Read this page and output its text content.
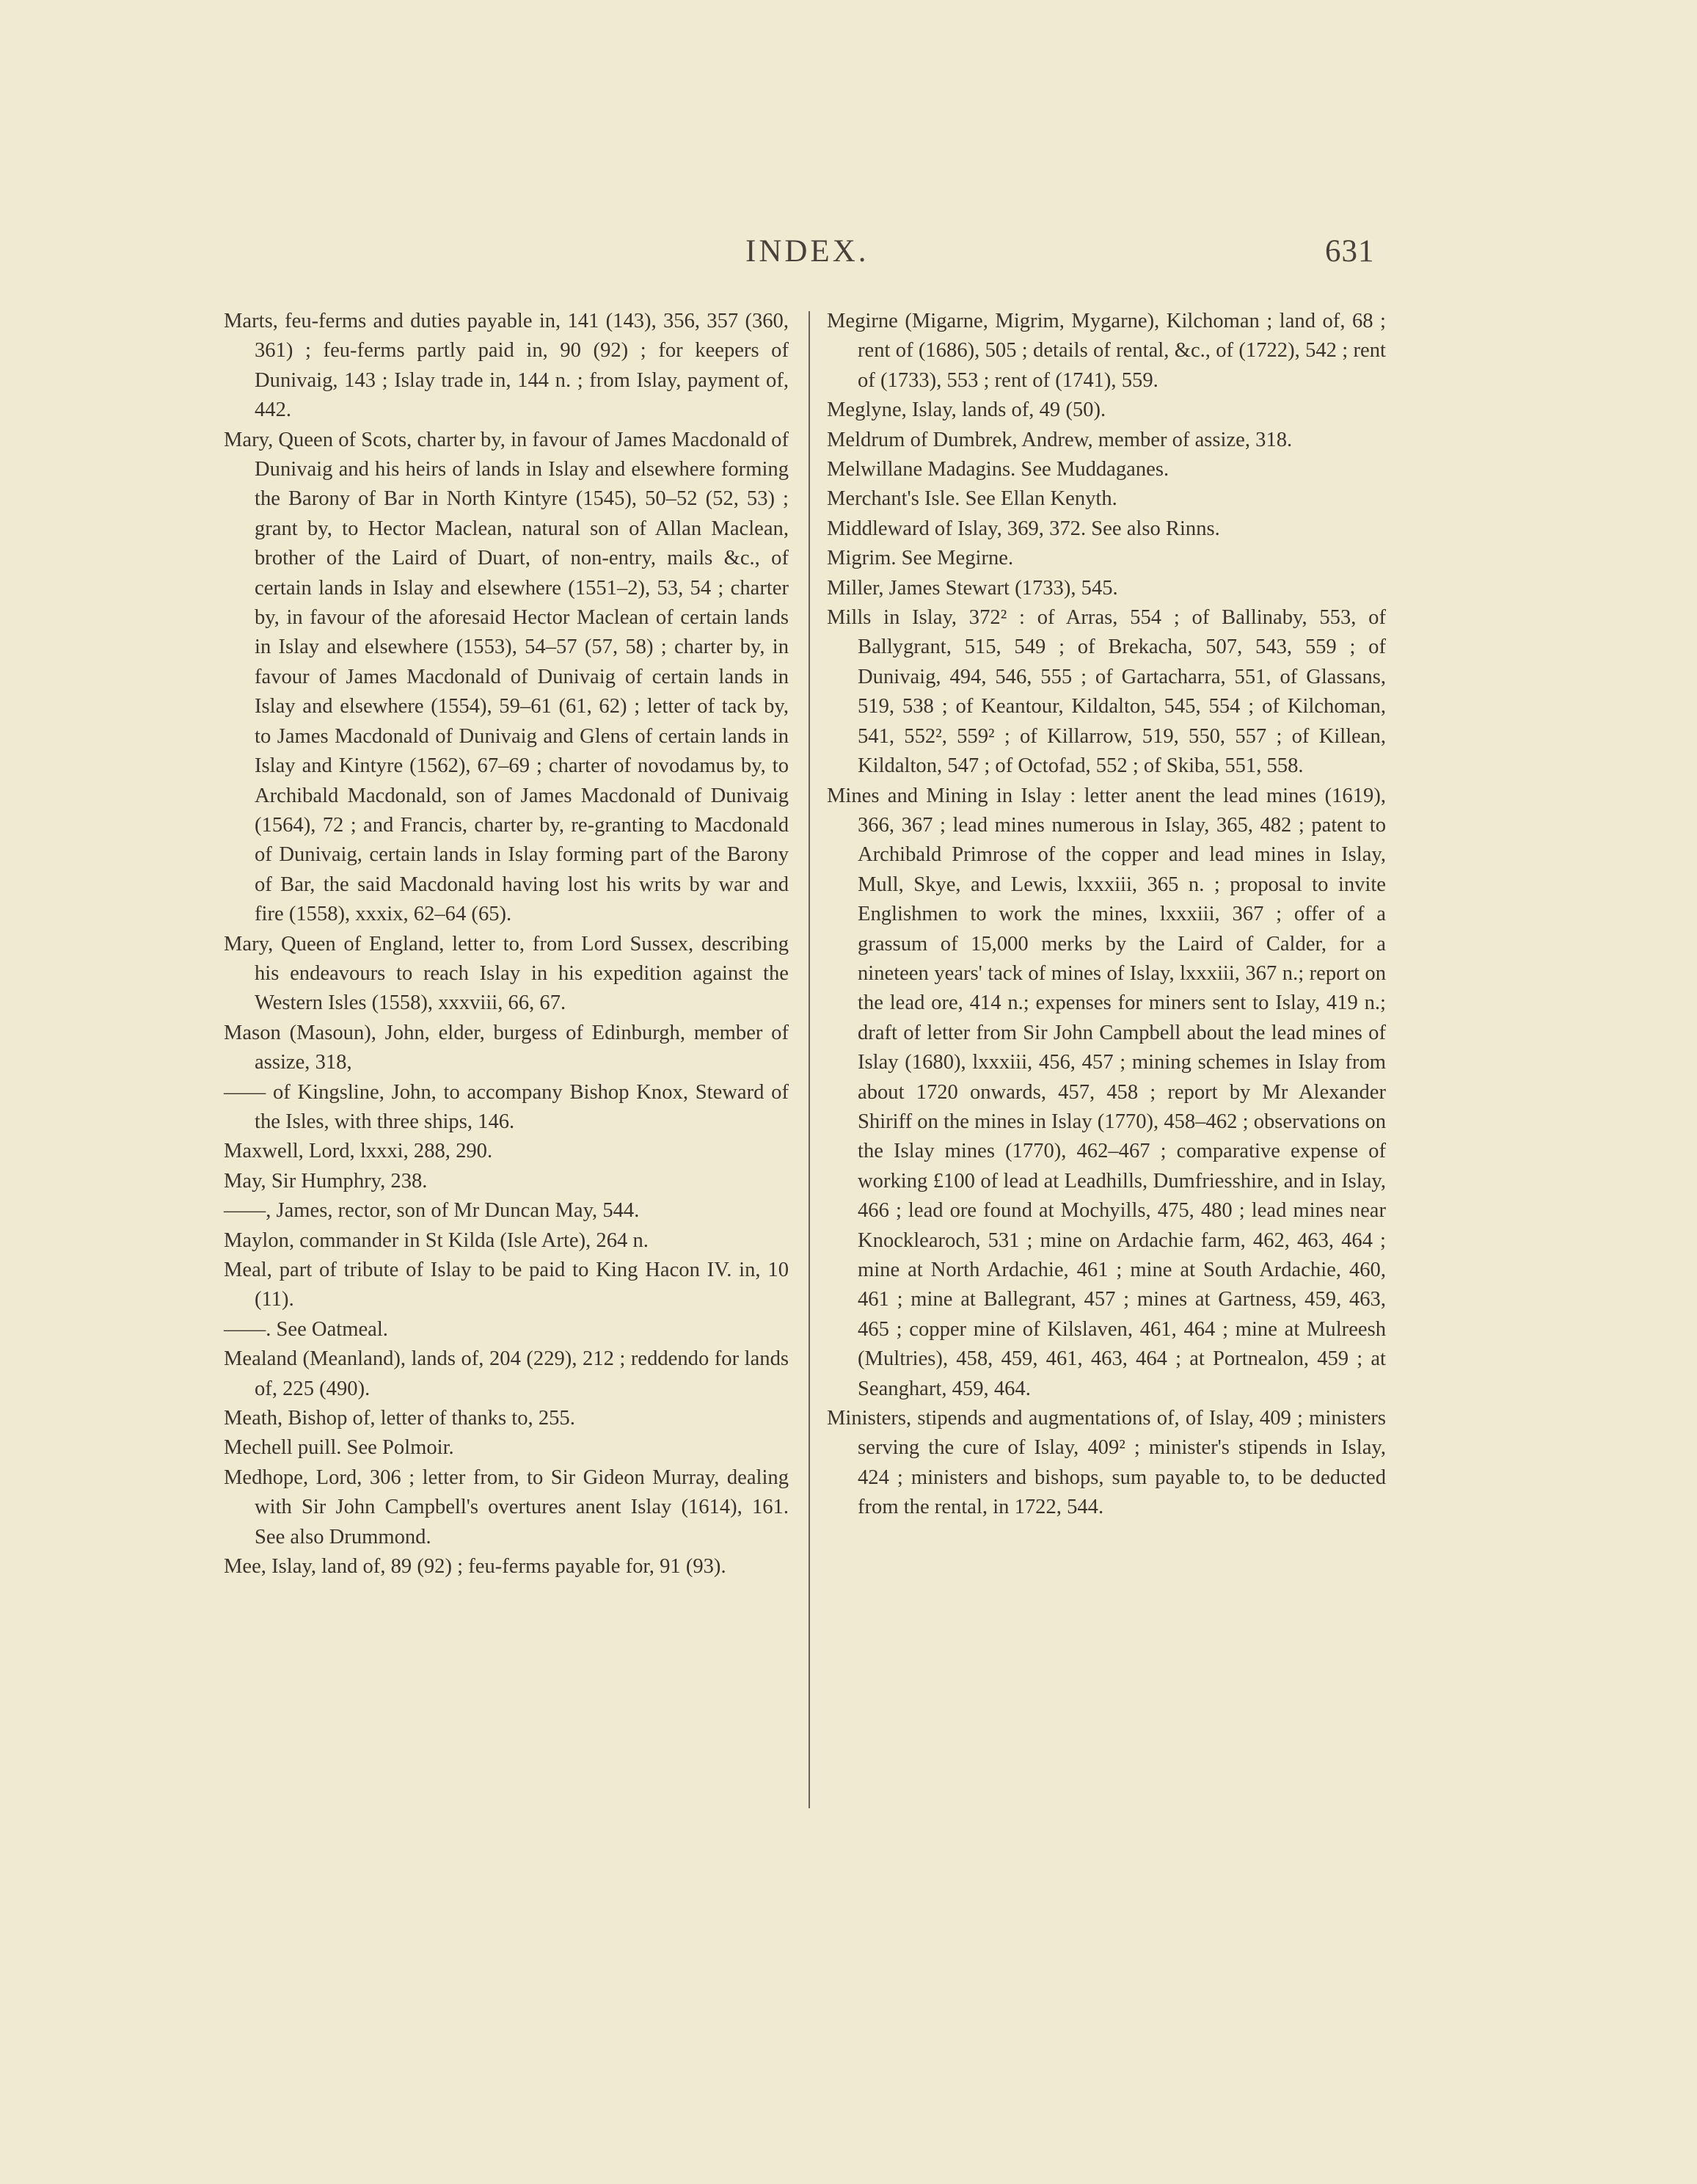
INDEX.	631
Marts, feu-ferms and duties payable in, 141 (143), 356, 357 (360, 361) ; feu-ferms partly paid in, 90 (92) ; for keepers of Dunivaig, 143 ; Islay trade in, 144 n. ; from Islay, payment of, 442.
Mary, Queen of Scots, charter by, in favour of James Macdonald of Dunivaig and his heirs of lands in Islay and elsewhere forming the Barony of Bar in North Kintyre (1545), 50–52 (52, 53) ; grant by, to Hector Maclean, natural son of Allan Maclean, brother of the Laird of Duart, of non-entry, mails &c., of certain lands in Islay and elsewhere (1551–2), 53, 54 ; charter by, in favour of the aforesaid Hector Maclean of certain lands in Islay and elsewhere (1553), 54–57 (57, 58) ; charter by, in favour of James Macdonald of Dunivaig of certain lands in Islay and elsewhere (1554), 59–61 (61, 62) ; letter of tack by, to James Macdonald of Dunivaig and Glens of certain lands in Islay and Kintyre (1562), 67–69 ; charter of novodamus by, to Archibald Macdonald, son of James Macdonald of Dunivaig (1564), 72 ; and Francis, charter by, re-granting to Macdonald of Dunivaig, certain lands in Islay forming part of the Barony of Bar, the said Macdonald having lost his writs by war and fire (1558), xxxix, 62–64 (65).
Mary, Queen of England, letter to, from Lord Sussex, describing his endeavours to reach Islay in his expedition against the Western Isles (1558), xxxviii, 66, 67.
Mason (Masoun), John, elder, burgess of Edinburgh, member of assize, 318,
—— of Kingsline, John, to accompany Bishop Knox, Steward of the Isles, with three ships, 146.
Maxwell, Lord, lxxxi, 288, 290.
May, Sir Humphry, 238.
——, James, rector, son of Mr Duncan May, 544.
Maylon, commander in St Kilda (Isle Arte), 264 n.
Meal, part of tribute of Islay to be paid to King Hacon IV. in, 10 (11).
——. See Oatmeal.
Mealand (Meanland), lands of, 204 (229), 212 ; reddendo for lands of, 225 (490).
Meath, Bishop of, letter of thanks to, 255.
Mechell puill. See Polmoir.
Medhope, Lord, 306 ; letter from, to Sir Gideon Murray, dealing with Sir John Campbell's overtures anent Islay (1614), 161. See also Drummond.
Mee, Islay, land of, 89 (92) ; feu-ferms payable for, 91 (93).
Megirne (Migarne, Migrim, Mygarne), Kilchoman ; land of, 68 ; rent of (1686), 505 ; details of rental, &c., of (1722), 542 ; rent of (1733), 553 ; rent of (1741), 559.
Meglyne, Islay, lands of, 49 (50).
Meldrum of Dumbrek, Andrew, member of assize, 318.
Melwillane Madagins. See Muddaganes.
Merchant's Isle. See Ellan Kenyth.
Middleward of Islay, 369, 372. See also Rinns.
Migrim. See Megirne.
Miller, James Stewart (1733), 545.
Mills in Islay, 372² : of Arras, 554 ; of Ballinaby, 553, of Ballygrant, 515, 549 ; of Brekacha, 507, 543, 559 ; of Dunivaig, 494, 546, 555 ; of Gartacharra, 551, of Glassans, 519, 538 ; of Keantour, Kildalton, 545, 554 ; of Kilchoman, 541, 552², 559² ; of Killarrow, 519, 550, 557 ; of Killean, Kildalton, 547 ; of Octofad, 552 ; of Skiba, 551, 558.
Mines and Mining in Islay : letter anent the lead mines (1619), 366, 367 ; lead mines numerous in Islay, 365, 482 ; patent to Archibald Primrose of the copper and lead mines in Islay, Mull, Skye, and Lewis, lxxxiii, 365 n. ; proposal to invite Englishmen to work the mines, lxxxiii, 367 ; offer of a grassum of 15,000 merks by the Laird of Calder, for a nineteen years' tack of mines of Islay, lxxxiii, 367 n.; report on the lead ore, 414 n.; expenses for miners sent to Islay, 419 n.; draft of letter from Sir John Campbell about the lead mines of Islay (1680), lxxxiii, 456, 457 ; mining schemes in Islay from about 1720 onwards, 457, 458 ; report by Mr Alexander Shiriff on the mines in Islay (1770), 458–462 ; observations on the Islay mines (1770), 462–467 ; comparative expense of working £100 of lead at Leadhills, Dumfriesshire, and in Islay, 466 ; lead ore found at Mochyills, 475, 480 ; lead mines near Knocklearoch, 531 ; mine on Ardachie farm, 462, 463, 464 ; mine at North Ardachie, 461 ; mine at South Ardachie, 460, 461 ; mine at Ballegrant, 457 ; mines at Gartness, 459, 463, 465 ; copper mine of Kilslaven, 461, 464 ; mine at Mulreesh (Multries), 458, 459, 461, 463, 464 ; at Portnealon, 459 ; at Seanghart, 459, 464.
Ministers, stipends and augmentations of, of Islay, 409 ; ministers serving the cure of Islay, 409² ; minister's stipends in Islay, 424 ; ministers and bishops, sum payable to, to be deducted from the rental, in 1722, 544.
